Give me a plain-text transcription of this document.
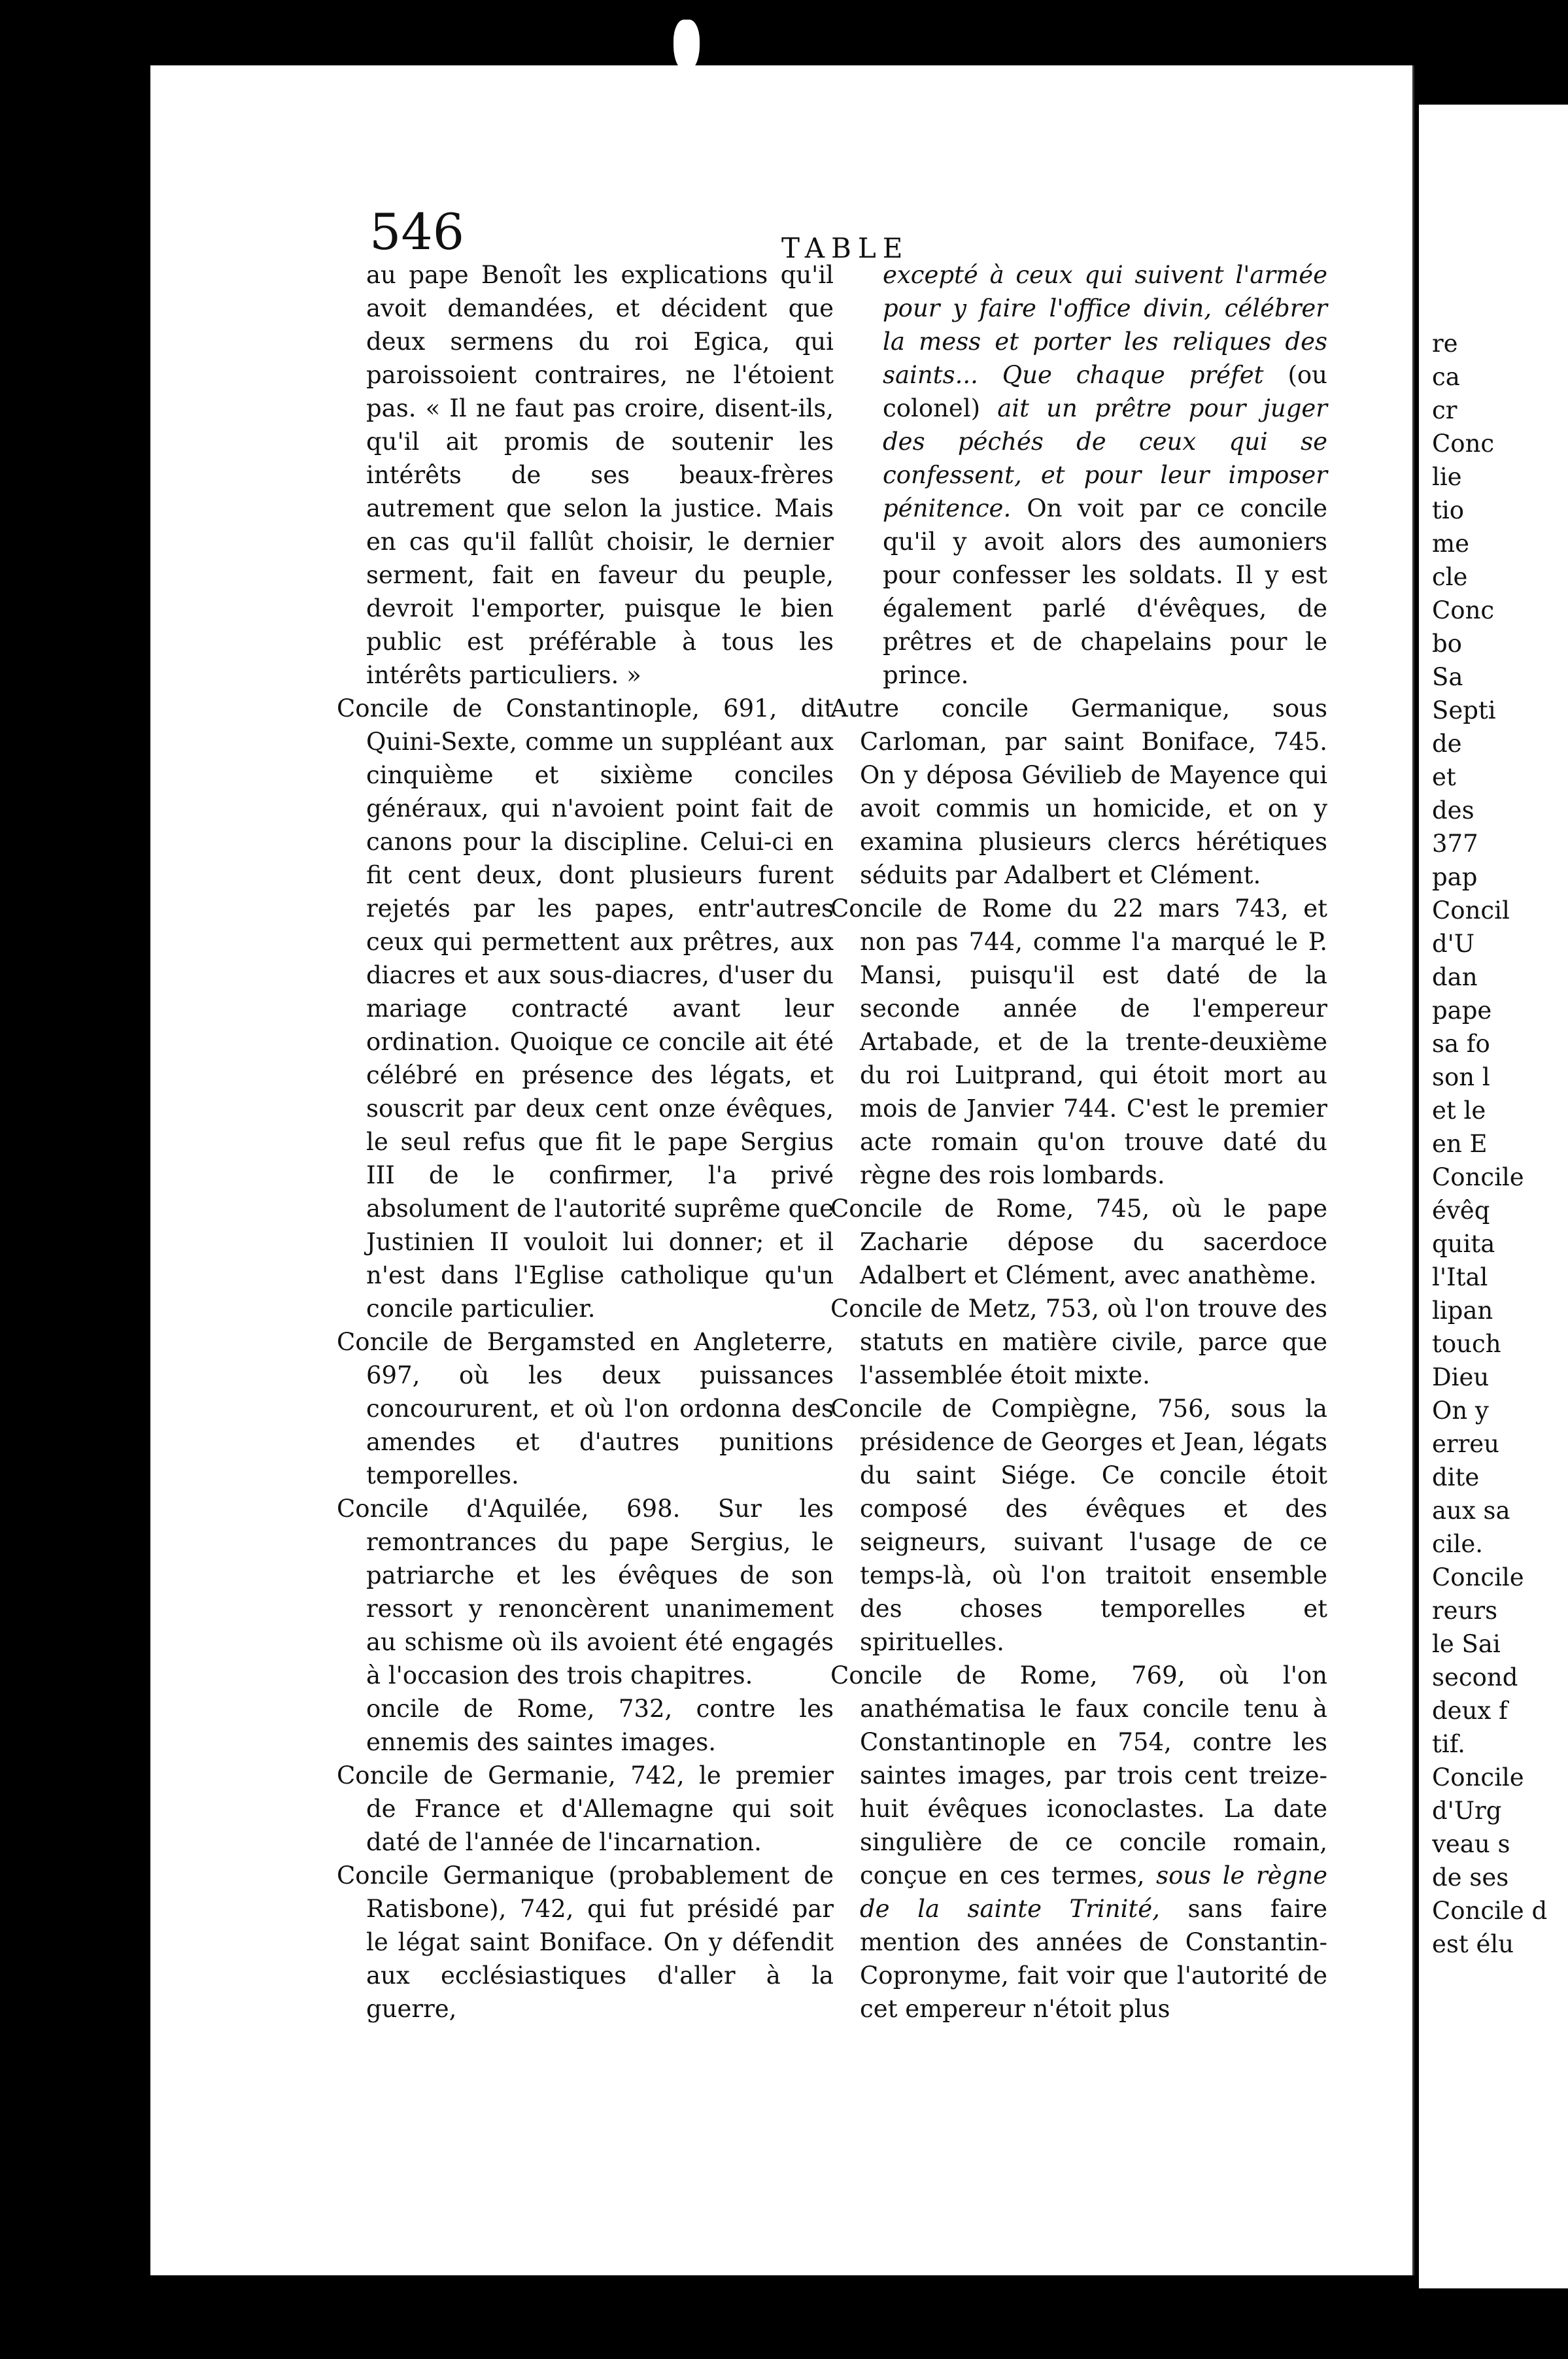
546	TABLE

au pape Benoît les explications qu'il avoit demandées, et décident que deux sermens du roi Egica, qui paroissoient contraires, ne l'étoient pas. « Il ne faut pas croire, disent-ils, qu'il ait promis de soutenir les intérêts de ses beaux-frères autrement que selon la justice. Mais en cas qu'il fallût choisir, le dernier serment, fait en faveur du peuple, devroit l'emporter, puisque le bien public est préférable à tous les intérêts particuliers. »

Concile de Constantinople, 691, dit Quini-Sexte, comme un suppléant aux cinquième et sixième conciles généraux, qui n'avoient point fait de canons pour la discipline. Celui-ci en fit cent deux, dont plusieurs furent rejetés par les papes, entr'autres ceux qui permettent aux prêtres, aux diacres et aux sous-diacres, d'user du mariage contracté avant leur ordination. Quoique ce concile ait été célébré en présence des légats, et souscrit par deux cent onze évêques, le seul refus que fit le pape Sergius III de le confirmer, l'a privé absolument de l'autorité suprême que Justinien II vouloit lui donner; et il n'est dans l'Eglise catholique qu'un concile particulier.

Concile de Bergamsted en Angleterre, 697, où les deux puissances concoururent, et où l'on ordonna des amendes et d'autres punitions temporelles.

Concile d'Aquilée, 698. Sur les remontrances du pape Sergius, le patriarche et les évêques de son ressort y renoncèrent unanimement au schisme où ils avoient été engagés à l'occasion des trois chapitres.

oncile de Rome, 732, contre les ennemis des saintes images.

Concile de Germanie, 742, le premier de France et d'Allemagne qui soit daté de l'année de l'incarnation.

Concile Germanique (probablement de Ratisbone), 742, qui fut présidé par le légat saint Boniface. On y défendit aux ecclésiastiques d'aller à la guerre,

excepté à ceux qui suivent l'armée pour y faire l'office divin, célébrer la mess et porter les reliques des saints... Que chaque préfet (ou colonel) ait un prêtre pour juger des péchés de ceux qui se confessent, et pour leur imposer pénitence. On voit par ce concile qu'il y avoit alors des aumoniers pour confesser les soldats. Il y est également parlé d'évêques, de prêtres et de chapelains pour le prince.

Autre concile Germanique, sous Carloman, par saint Boniface, 745. On y déposa Gévilieb de Mayence qui avoit commis un homicide, et on y examina plusieurs clercs hérétiques séduits par Adalbert et Clément.

Concile de Rome du 22 mars 743, et non pas 744, comme l'a marqué le P. Mansi, puisqu'il est daté de la seconde année de l'empereur Artabade, et de la trente-deuxième du roi Luitprand, qui étoit mort au mois de Janvier 744. C'est le premier acte romain qu'on trouve daté du règne des rois lombards.

Concile de Rome, 745, où le pape Zacharie dépose du sacerdoce Adalbert et Clément, avec anathème.

Concile de Metz, 753, où l'on trouve des statuts en matière civile, parce que l'assemblée étoit mixte.

Concile de Compiègne, 756, sous la présidence de Georges et Jean, légats du saint Siége. Ce concile étoit composé des évêques et des seigneurs, suivant l'usage de ce temps-là, où l'on traitoit ensemble des choses temporelles et spirituelles.

Concile de Rome, 769, où l'on anathématisa le faux concile tenu à Constantinople en 754, contre les saintes images, par trois cent treize-huit évêques iconoclastes. La date singulière de ce concile romain, conçue en ces termes, sous le règne de la sainte Trinité, sans faire mention des années de Constantin-Copronyme, fait voir que l'autorité de cet empereur n'étoit plus

re
ca
cr
Conc
lie
tio
me
cle
Conc
bo
Sa
Septi
de
et
des
377
pap
Concil
d'U
dan
pape
sa fo
son l
et le
en E
Concile
évêq
quita
l'Ital
lipan
touch
Dieu
On y
erreu
dite
aux sa
cile.
Concile
reurs
le Sai
second
deux f
tif.
Concile
d'Urg
veau s
de ses
Concile d
est élu
